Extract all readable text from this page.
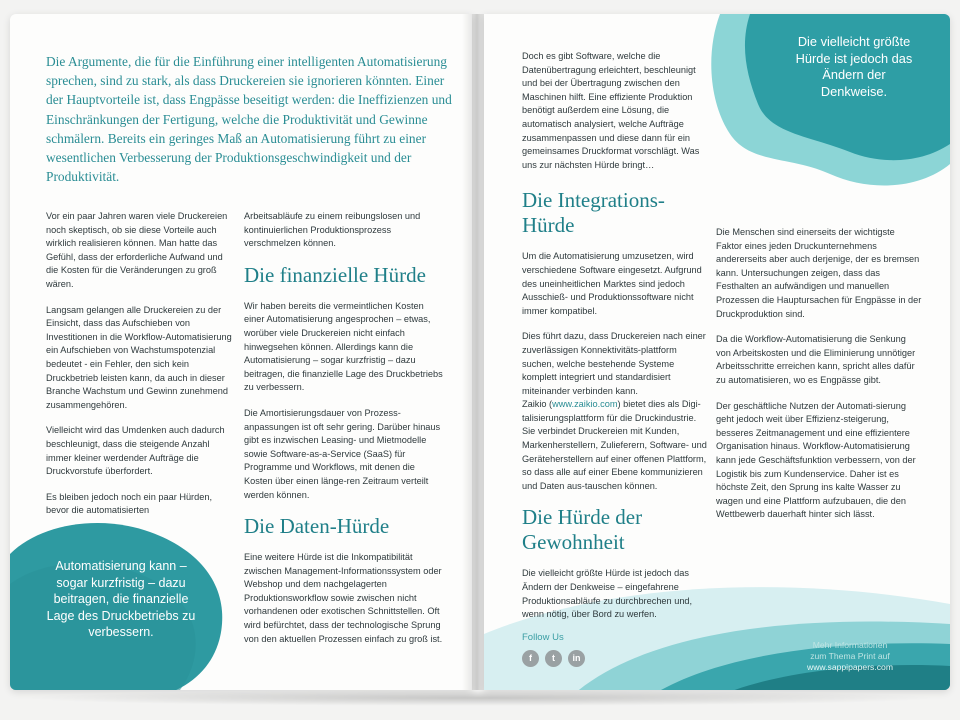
Die Argumente, die für die Einführung einer intelligenten Automatisierung sprechen, sind zu stark, als dass Druckereien sie ignorieren könnten. Einer der Hauptvorteile ist, dass Engpässe beseitigt werden: die Ineffizienzen und Einschränkungen der Fertigung, welche die Produktivität und Gewinne schmälern. Bereits ein geringes Maß an Automatisierung führt zu einer wesentlichen Verbesserung der Produktionsgeschwindigkeit und der Produktivität.

Vor ein paar Jahren waren viele Druckereien noch skeptisch, ob sie diese Vorteile auch wirklich realisieren können. Man hatte das Gefühl, dass der erforderliche Aufwand und die Kosten für die Veränderungen zu groß wären.

Langsam gelangen alle Druckereien zu der Einsicht, dass das Aufschieben von Investitionen in die Workflow-Automatisierung ein Aufschieben von Wachstumspotenzial bedeutet - ein Fehler, den sich kein Druckbetrieb leisten kann, da auch in dieser Branche Wachstum und Gewinn zunehmend zusammengehören.

Vielleicht wird das Umdenken auch dadurch beschleunigt, dass die steigende Anzahl immer kleiner werdender Aufträge die Druckvorstufe überfordert.

Es bleiben jedoch noch ein paar Hürden, bevor die automatisierten

Arbeitsabläufe zu einem reibungslosen und kontinuierlichen Produktionsprozess verschmelzen können.

Die finanzielle Hürde

Wir haben bereits die vermeintlichen Kosten einer Automatisierung angesprochen – etwas, worüber viele Druckereien nicht einfach hinwegsehen können. Allerdings kann die Automatisierung – sogar kurzfristig – dazu beitragen, die finanzielle Lage des Druckbetriebs zu verbessern.

Die Amortisierungsdauer von Prozess-anpassungen ist oft sehr gering. Darüber hinaus gibt es inzwischen Leasing- und Mietmodelle sowie Software-as-a-Service (SaaS) für Programme und Workflows, mit denen die Kosten über einen länge-ren Zeitraum verteilt werden können.

Die Daten-Hürde

Eine weitere Hürde ist die Inkompatibilität zwischen Management-Informationssystem oder Webshop und dem nachgelagerten Produktionsworkflow sowie zwischen nicht vorhandenen oder exotischen Schnittstellen. Oft wird befürchtet, dass der technologische Sprung von den aktuellen Prozessen einfach zu groß ist.

Automatisierung kann – sogar kurzfristig – dazu beitragen, die finanzielle Lage des Druckbetriebs zu verbessern.
Die vielleicht größte Hürde ist jedoch das Ändern der Denkweise.

Doch es gibt Software, welche die Datenübertragung erleichtert, beschleunigt und bei der Übertragung zwischen den Maschinen hilft. Eine effiziente Produktion benötigt außerdem eine Lösung, die automatisch analysiert, welche Aufträge zusammenpassen und diese dann für ein gemeinsames Druckformat vorschlägt. Was uns zur nächsten Hürde bringt…

Die Integrations-Hürde

Um die Automatisierung umzusetzen, wird verschiedene Software eingesetzt. Aufgrund des uneinheitlichen Marktes sind jedoch Ausschieß- und Produktionssoftware nicht immer kompatibel.

Dies führt dazu, dass Druckereien nach einer zuverlässigen Konnektivitäts-plattform suchen, welche bestehende Systeme komplett integriert und standardisiert miteinander verbinden kann.

Zaikio (www.zaikio.com) bietet dies als Digi-talisierungsplattform für die Druckindustrie. Sie verbindet Druckereien mit Kunden, Markenherstellern, Zulieferern, Software- und Geräteherstellern auf einer offenen Plattform, so dass alle auf einer Ebene kommunizieren und Daten aus-tauschen können.

Die Hürde der Gewohnheit

Die vielleicht größte Hürde ist jedoch das Ändern der Denkweise – eingefahrene Produktionsabläufe zu durchbrechen und, wenn nötig, über Bord zu werfen.

Die Menschen sind einerseits der wichtigste Faktor eines jeden Druckunternehmens andererseits aber auch derjenige, der es bremsen kann. Untersuchungen zeigen, dass das Festhalten an aufwändigen und manuellen Prozessen die Hauptursachen für Engpässe in der Druckproduktion sind.

Da die Workflow-Automatisierung die Senkung von Arbeitskosten und die Eliminierung unnötiger Arbeitsschritte erreichen kann, spricht alles dafür zu automatisieren, wo es Engpässe gibt.

Der geschäftliche Nutzen der Automati-sierung geht jedoch weit über Effizienz-steigerung, besseres Zeitmanagement und eine effizientere Organisation hinaus. Workflow-Automatisierung kann jede Geschäftsfunktion verbessern, von der Logistik bis zum Kundenservice. Daher ist es höchste Zeit, den Sprung ins kalte Wasser zu wagen und eine Plattform aufzubauen, die den Wettbewerb dauerhaft hinter sich lässt.

Follow Us
f	t	in
Mehr Informationen
zum Thema Print auf
www.sappipapers.com
